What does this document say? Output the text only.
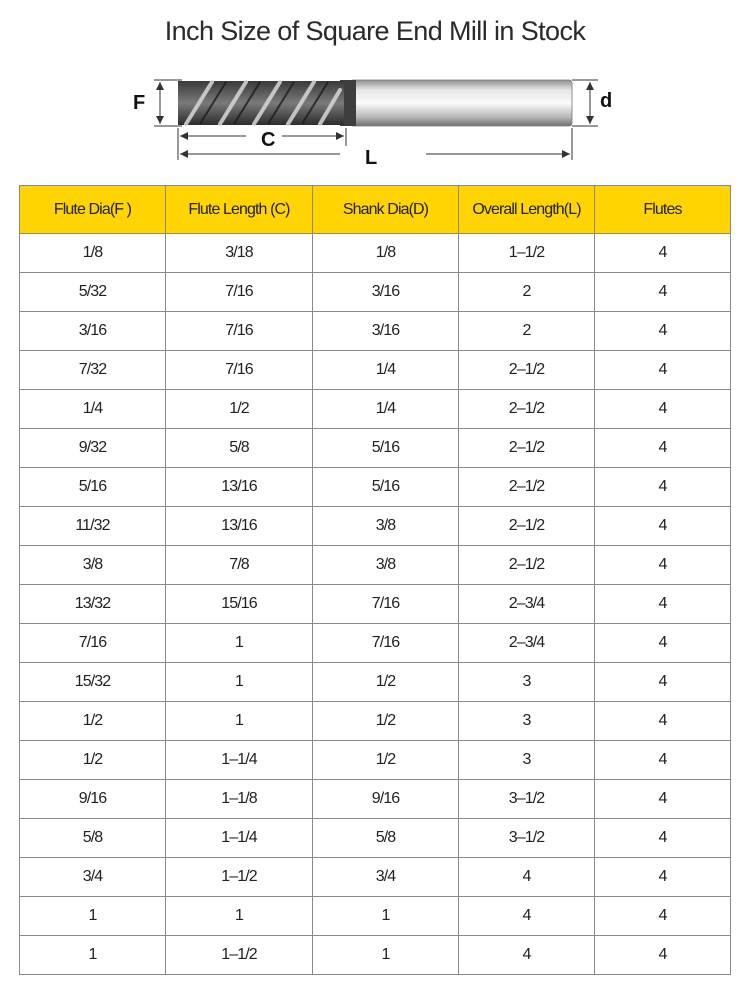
Inch Size of Square End Mill in Stock
F	d
C
L
Flute Dia(F )	Flute Length (C)	Shank Dia(D)	Overall Length(L)	Flutes
1/8	3/18	1/8	1–1/2	4
5/32	7/16	3/16	2	4
3/16	7/16	3/16	2	4
7/32	7/16	1/4	2–1/2	4
1/4	1/2	1/4	2–1/2	4
9/32	5/8	5/16	2–1/2	4
5/16	13/16	5/16	2–1/2	4
11/32	13/16	3/8	2–1/2	4
3/8	7/8	3/8	2–1/2	4
13/32	15/16	7/16	2–3/4	4
7/16	1	7/16	2–3/4	4
15/32	1	1/2	3	4
1/2	1	1/2	3	4
1/2	1–1/4	1/2	3	4
9/16	1–1/8	9/16	3–1/2	4
5/8	1–1/4	5/8	3–1/2	4
3/4	1–1/2	3/4	4	4
1	1	1	4	4
1	1–1/2	1	4	4
